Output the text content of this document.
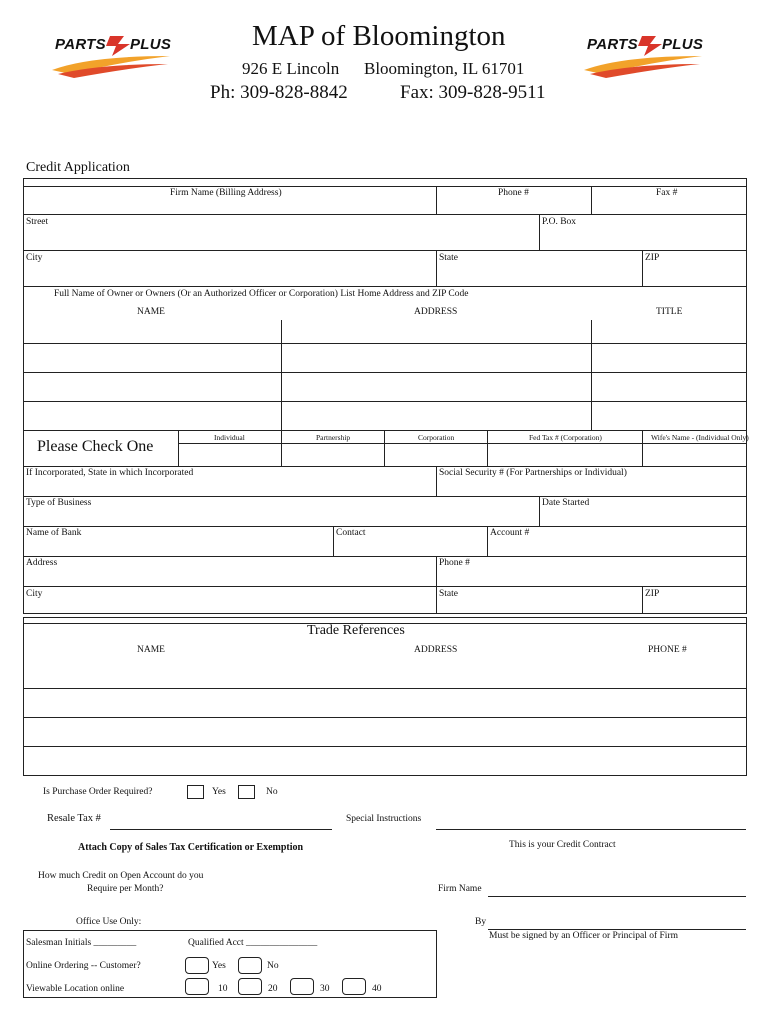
PARTS PLUS	PARTS PLUS
MAP of Bloomington
926 E Lincoln Bloomington, IL 61701
Ph: 309-828-8842	Fax: 309-828-9511
Credit Application
Firm Name (Billing Address)	Phone #	Fax #
Street	P.O. Box
City	State	ZIP
Full Name of Owner or Owners (Or an Authorized Officer or Corporation) List Home Address and ZIP Code
NAME	ADDRESS	TITLE
Please Check One
Individual	Partnership	Corporation	Fed Tax # (Corporation)	Wife's Name - (Individual Only)
If Incorporated, State in which Incorporated	Social Security # (For Partnerships or Individual)
Type of Business	Date Started
Name of Bank	Contact	Account #
Address	Phone #
City	State	ZIP
Trade References
NAME	ADDRESS	PHONE #
Is Purchase Order Required?	Yes	No
Resale Tax #	Special Instructions
Attach Copy of Sales Tax Certification or Exemption	This is your Credit Contract
How much Credit on Open Account do you
Require per Month?	Firm Name
Office Use Only:	By
Must be signed by an Officer or Principal of Firm
Salesman Initials _________	Qualified Acct _______________
Online Ordering -- Customer?	Yes	No
Viewable Location online	10	20	30	40
